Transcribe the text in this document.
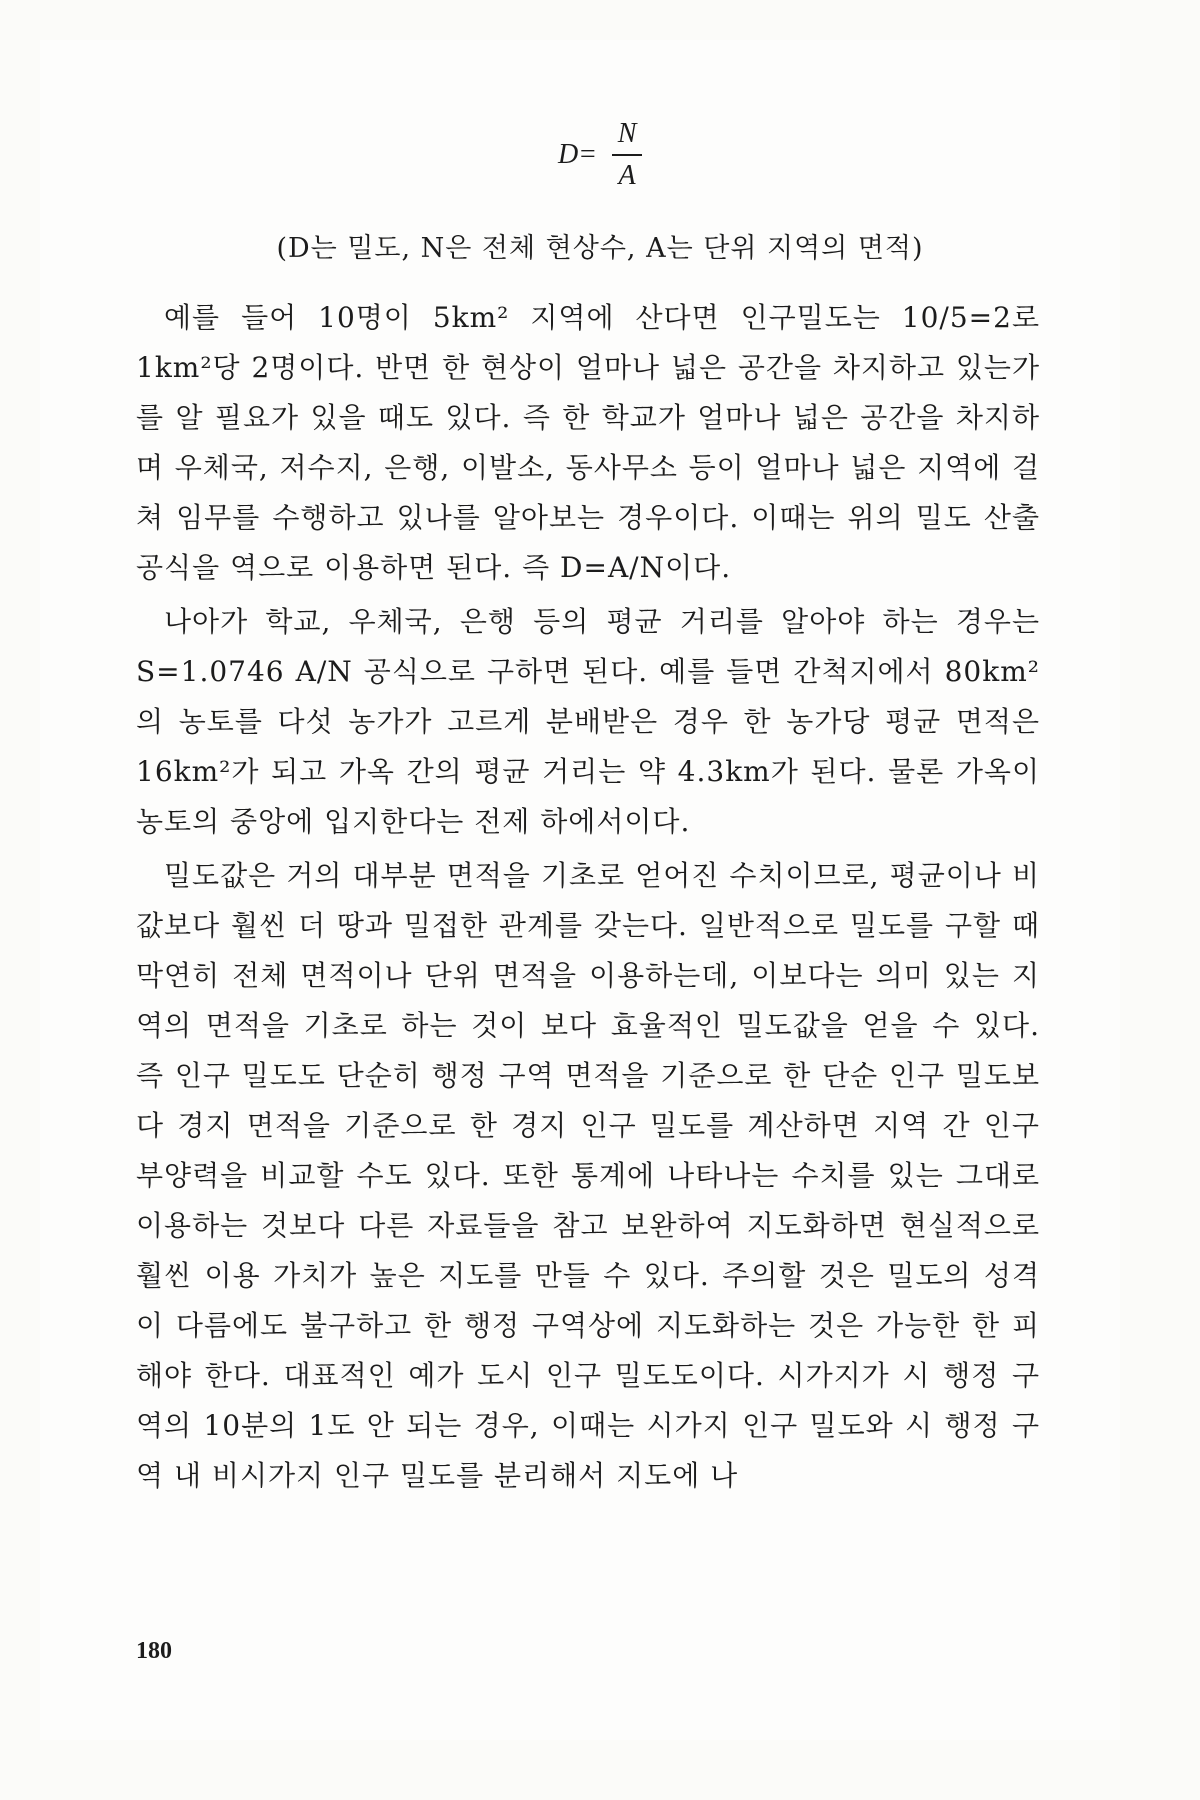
$D= \frac{N}{A}$
(D는 밀도, N은 전체 현상수, A는 단위 지역의 면적)

예를 들어 10명이 5km² 지역에 산다면 인구밀도는 10/5=2로 1km²당 2명이다. 반면 한 현상이 얼마나 넓은 공간을 차지하고 있는가를 알 필요가 있을 때도 있다. 즉 한 학교가 얼마나 넓은 공간을 차지하며 우체국, 저수지, 은행, 이발소, 동사무소 등이 얼마나 넓은 지역에 걸쳐 임무를 수행하고 있나를 알아보는 경우이다. 이때는 위의 밀도 산출 공식을 역으로 이용하면 된다. 즉 D=A/N이다.

나아가 학교, 우체국, 은행 등의 평균 거리를 알아야 하는 경우는 S=1.0746 A/N 공식으로 구하면 된다. 예를 들면 간척지에서 80km²의 농토를 다섯 농가가 고르게 분배받은 경우 한 농가당 평균 면적은 16km²가 되고 가옥 간의 평균 거리는 약 4.3km가 된다. 물론 가옥이 농토의 중앙에 입지한다는 전제 하에서이다.

밀도값은 거의 대부분 면적을 기초로 얻어진 수치이므로, 평균이나 비값보다 훨씬 더 땅과 밀접한 관계를 갖는다. 일반적으로 밀도를 구할 때 막연히 전체 면적이나 단위 면적을 이용하는데, 이보다는 의미 있는 지역의 면적을 기초로 하는 것이 보다 효율적인 밀도값을 얻을 수 있다. 즉 인구 밀도도 단순히 행정 구역 면적을 기준으로 한 단순 인구 밀도보다 경지 면적을 기준으로 한 경지 인구 밀도를 계산하면 지역 간 인구 부양력을 비교할 수도 있다. 또한 통계에 나타나는 수치를 있는 그대로 이용하는 것보다 다른 자료들을 참고 보완하여 지도화하면 현실적으로 훨씬 이용 가치가 높은 지도를 만들 수 있다. 주의할 것은 밀도의 성격이 다름에도 불구하고 한 행정 구역상에 지도화하는 것은 가능한 한 피해야 한다. 대표적인 예가 도시 인구 밀도도이다. 시가지가 시 행정 구역의 10분의 1도 안 되는 경우, 이때는 시가지 인구 밀도와 시 행정 구역 내 비시가지 인구 밀도를 분리해서 지도에 나

180
